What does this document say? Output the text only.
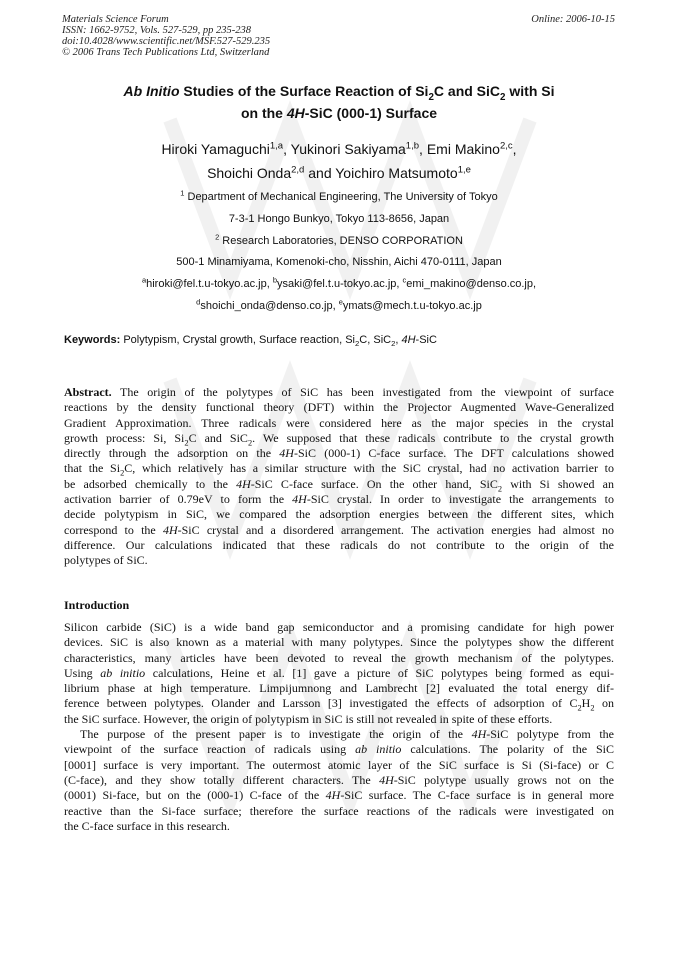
Materials Science Forum
ISSN: 1662-9752, Vols. 527-529, pp 235-238
doi:10.4028/www.scientific.net/MSF.527-529.235
© 2006 Trans Tech Publications Ltd, Switzerland
Online: 2006-10-15
Ab Initio Studies of the Surface Reaction of $Si_2C$ and SiC$_2$ with Si
on the 4H-SiC (000-1) Surface
Hiroki Yamaguchi$^{1,a}$, Yukinori Sakiyama$^{1,b}$, Emi Makino$^{2,c}$,
Shoichi Onda$^{2,d}$ and Yoichiro Matsumoto$^{1,e}$
$^1$ Department of Mechanical Engineering, The University of Tokyo
7-3-1 Hongo Bunkyo, Tokyo 113-8656, Japan
$^2$ Research Laboratories, DENSO CORPORATION
500-1 Minamiyama, Komenoki-cho, Nisshin, Aichi 470-0111, Japan
$^a$hiroki@fel.t.u-tokyo.ac.jp, $^b$ysaki@fel.t.u-tokyo.ac.jp, $^c$emi_makino@denso.co.jp,
$^d$shoichi_onda@denso.co.jp, $^e$ymats@mech.t.u-tokyo.ac.jp
Keywords: Polytypism, Crystal growth, Surface reaction, $Si_2C$, SiC$_2$, 4H-SiC
Abstract. The origin of the polytypes of SiC has been investigated from the viewpoint of surface
reactions by the density functional theory (DFT) within the Projector Augmented Wave-Generalized
Gradient Approximation. Three radicals were considered here as the major species in the crystal
growth process: Si, $Si_2C$ and SiC$_2$. We supposed that these radicals contribute to the crystal growth
directly through the adsorption on the 4H-SiC (000-1) C-face surface. The DFT calculations showed
that the $Si_2C$, which relatively has a similar structure with the SiC crystal, had no activation barrier to
be adsorbed chemically to the 4H-SiC C-face surface. On the other hand, SiC$_2$ with Si showed an
activation barrier of 0.79eV to form the 4H-SiC crystal. In order to investigate the arrangements to
decide polytypism in SiC, we compared the adsorption energies between the different sites, which
correspond to the 4H-SiC crystal and a disordered arrangement. The activation energies had almost no
difference. Our calculations indicated that these radicals do not contribute to the origin of the
polytypes of SiC.
Introduction

Silicon carbide (SiC) is a wide band gap semiconductor and a promising candidate for high power
devices. SiC is also known as a material with many polytypes. Since the polytypes show the different
characteristics, many articles have been devoted to reveal the growth mechanism of the polytypes.
Using ab initio calculations, Heine et al. [1] gave a picture of SiC polytypes being formed as equi-
librium phase at high temperature. Limpijumnong and Lambrecht [2] evaluated the total energy dif-
ference between polytypes. Olander and Larsson [3] investigated the effects of adsorption of $C_2H_2$ on
the SiC surface. However, the origin of polytypism in SiC is still not revealed in spite of these efforts.

The purpose of the present paper is to investigate the origin of the 4H-SiC polytype from the
viewpoint of the surface reaction of radicals using ab initio calculations. The polarity of the SiC
[0001] surface is very important. The outermost atomic layer of the SiC surface is Si (Si-face) or C
(C-face), and they show totally different characters. The 4H-SiC polytype usually grows not on the
(0001) Si-face, but on the (000-1) C-face of the 4H-SiC surface. The C-face surface is in general more
reactive than the Si-face surface; therefore the surface reactions of the radicals were investigated on
the C-face surface in this research.
